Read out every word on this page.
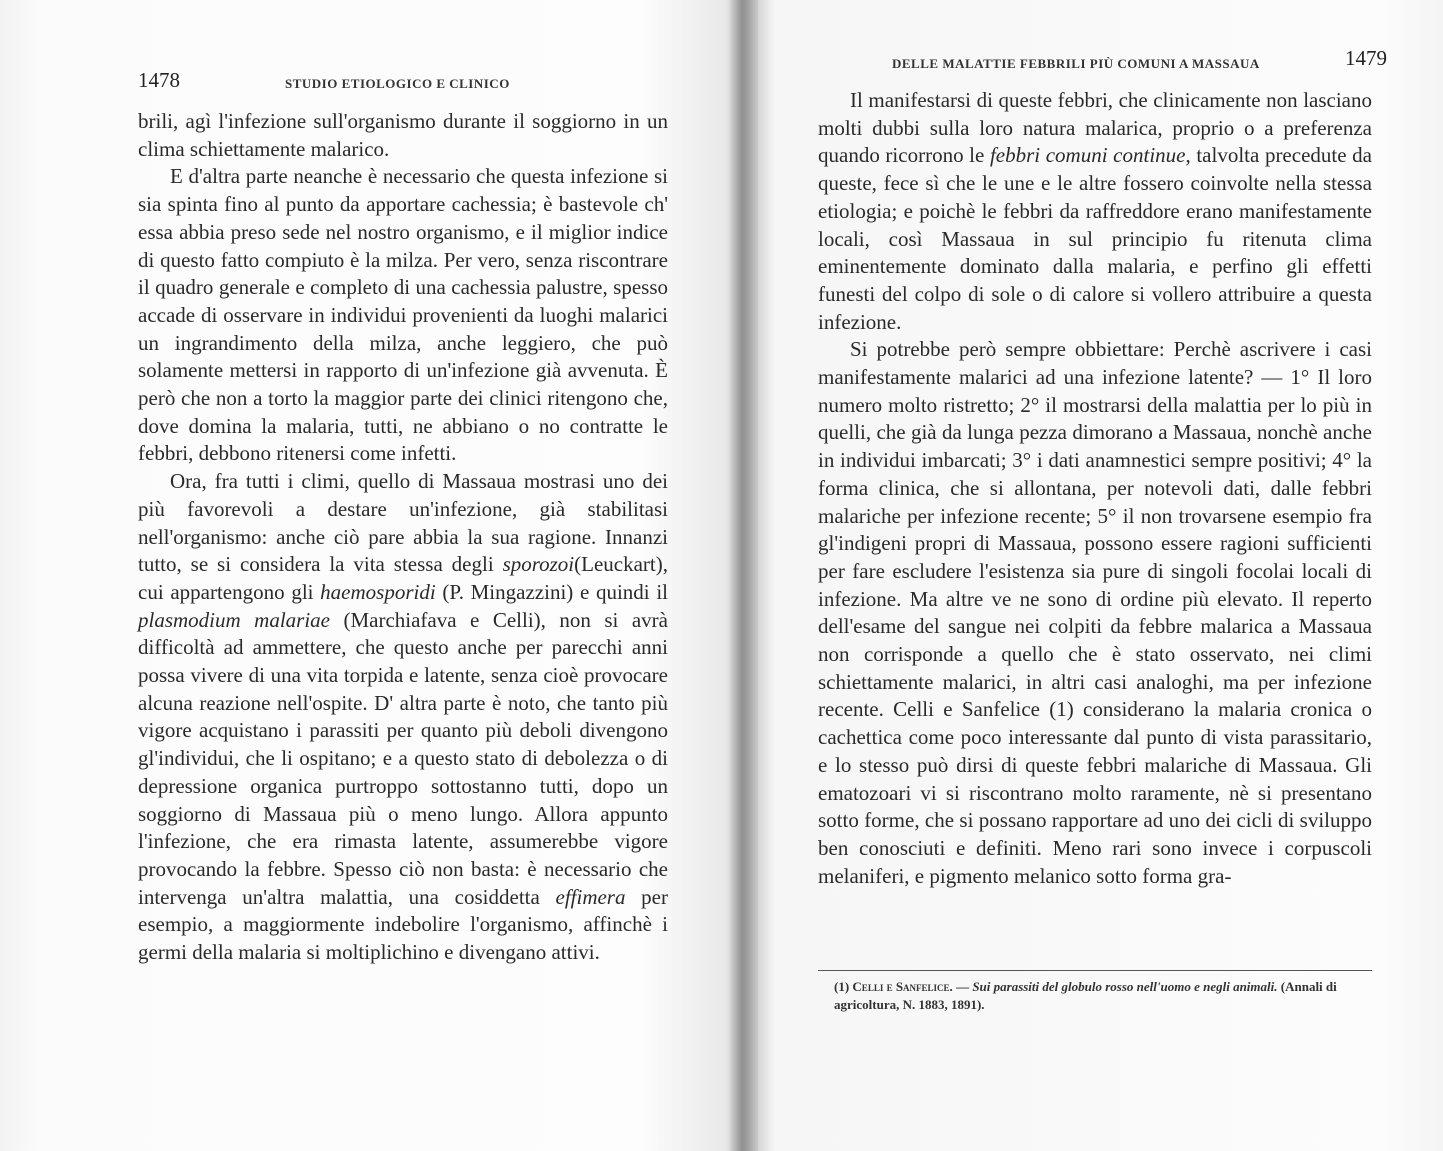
1478	STUDIO ETIOLOGICO E CLINICO

brili, agì l'infezione sull'organismo durante il soggiorno in un clima schiettamente malarico.

E d'altra parte neanche è necessario che questa infezione si sia spinta fino al punto da apportare cachessia; è bastevole ch' essa abbia preso sede nel nostro organismo, e il miglior indice di questo fatto compiuto è la milza. Per vero, senza riscontrare il quadro generale e completo di una cachessia palustre, spesso accade di osservare in individui provenienti da luoghi malarici un ingrandimento della milza, anche leggiero, che può solamente mettersi in rapporto di un'infezione già avvenuta. È però che non a torto la maggior parte dei clinici ritengono che, dove domina la malaria, tutti, ne abbiano o no contratte le febbri, debbono ritenersi come infetti.

Ora, fra tutti i climi, quello di Massaua mostrasi uno dei più favorevoli a destare un'infezione, già stabilitasi nell'organismo: anche ciò pare abbia la sua ragione. Innanzi tutto, se si considera la vita stessa degli sporozoi(Leuckart), cui appartengono gli haemosporidi (P. Mingazzini) e quindi il plasmodium malariae (Marchiafava e Celli), non si avrà difficoltà ad ammettere, che questo anche per parecchi anni possa vivere di una vita torpida e latente, senza cioè provocare alcuna reazione nell'ospite. D' altra parte è noto, che tanto più vigore acquistano i parassiti per quanto più deboli divengono gl'individui, che li ospitano; e a questo stato di debolezza o di depressione organica purtroppo sottostanno tutti, dopo un soggiorno di Massaua più o meno lungo. Allora appunto l'infezione, che era rimasta latente, assumerebbe vigore provocando la febbre. Spesso ciò non basta: è necessario che intervenga un'altra malattia, una cosiddetta effimera per esempio, a maggiormente indebolire l'organismo, affinchè i germi della malaria si moltiplichino e divengano attivi.

DELLE MALATTIE FEBBRILI PIÙ COMUNI A MASSAUA	1479

Il manifestarsi di queste febbri, che clinicamente non lasciano molti dubbi sulla loro natura malarica, proprio o a preferenza quando ricorrono le febbri comuni continue, talvolta precedute da queste, fece sì che le une e le altre fossero coinvolte nella stessa etiologia; e poichè le febbri da raffreddore erano manifestamente locali, così Massaua in sul principio fu ritenuta clima eminentemente dominato dalla malaria, e perfino gli effetti funesti del colpo di sole o di calore si vollero attribuire a questa infezione.

Si potrebbe però sempre obbiettare: Perchè ascrivere i casi manifestamente malarici ad una infezione latente? — 1° Il loro numero molto ristretto; 2° il mostrarsi della malattia per lo più in quelli, che già da lunga pezza dimorano a Massaua, nonchè anche in individui imbarcati; 3° i dati anamnestici sempre positivi; 4° la forma clinica, che si allontana, per notevoli dati, dalle febbri malariche per infezione recente; 5° il non trovarsene esempio fra gl'indigeni propri di Massaua, possono essere ragioni sufficienti per fare escludere l'esistenza sia pure di singoli focolai locali di infezione. Ma altre ve ne sono di ordine più elevato. Il reperto dell'esame del sangue nei colpiti da febbre malarica a Massaua non corrisponde a quello che è stato osservato, nei climi schiettamente malarici, in altri casi analoghi, ma per infezione recente. Celli e Sanfelice (1) considerano la malaria cronica o cachettica come poco interessante dal punto di vista parassitario, e lo stesso può dirsi di queste febbri malariche di Massaua. Gli ematozoari vi si riscontrano molto raramente, nè si presentano sotto forme, che si possano rapportare ad uno dei cicli di sviluppo ben conosciuti e definiti. Meno rari sono invece i corpuscoli melaniferi, e pigmento melanico sotto forma gra-

(1) Celli e Sanfelice. — Sui parassiti del globulo rosso nell'uomo e negli animali. (Annali di agricoltura, N. 1883, 1891).
